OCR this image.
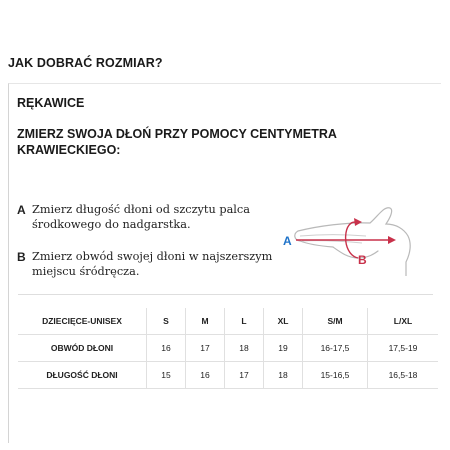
JAK DOBRAĆ ROZMIAR?
RĘKAWICE
ZMIERZ SWOJA DŁOŃ PRZY POMOCY CENTYMETRA
KRAWIECKIEGO:
A Zmierz długość dłoni od szczytu palca środkowego do nadgarstka.
B Zmierz obwód swojej dłoni w najszerszym miejscu śródręcza.
A
B
DZIECIĘCE-UNISEX	S	M	L	XL	S/M	L/XL
OBWÓD DŁONI	16	17	18	19	16-17,5	17,5-19
DŁUGOŚĆ DŁONI	15	16	17	18	15-16,5	16,5-18
